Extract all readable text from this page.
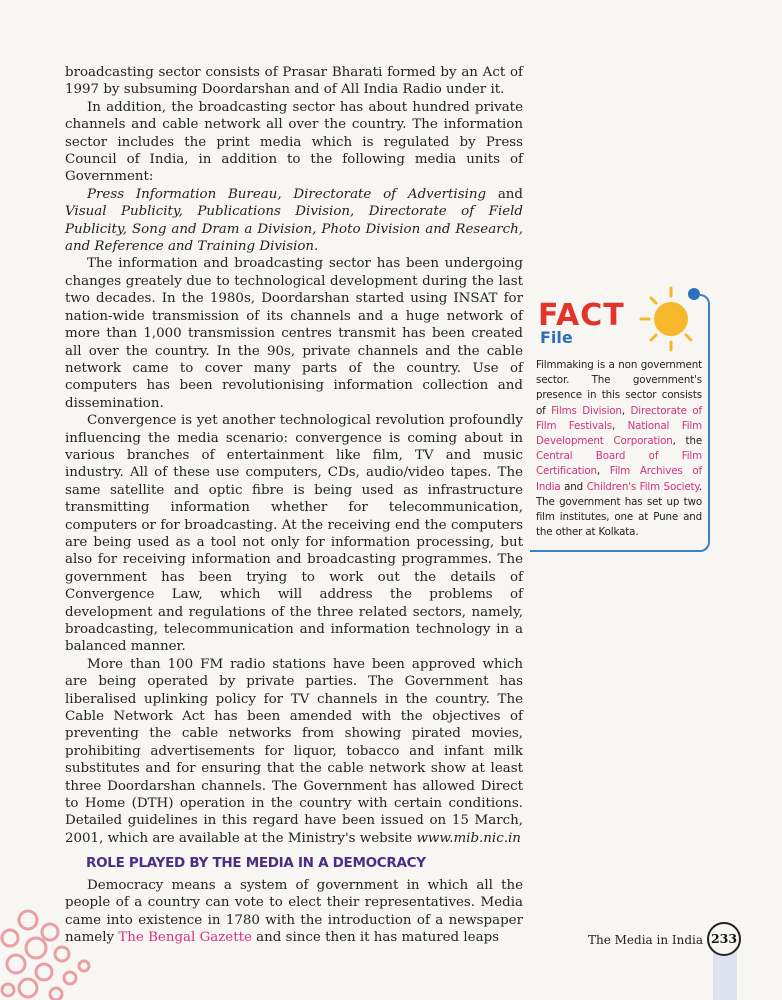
broadcasting sector consists of Prasar Bharati formed by an Act of 1997 by subsuming Doordarshan and of All India Radio under it.

In addition, the broadcasting sector has about hundred private channels and cable network all over the country. The information sector includes the print media which is regulated by Press Council of India, in addition to the following media units of Government:

Press Information Bureau, Directorate of Advertising and Visual Publicity, Publications Division, Directorate of Field Publicity, Song and Dram a Division, Photo Division and Research, and Reference and Training Division.

The information and broadcasting sector has been undergoing changes greately due to technological development during the last two decades. In the 1980s, Doordarshan started using INSAT for nation-wide transmission of its channels and a huge network of more than 1,000 transmission centres transmit has been created all over the country. In the 90s, private channels and the cable network came to cover many parts of the country. Use of computers has been revolutionising information collection and dissemination.

Convergence is yet another technological revolution profoundly influencing the media scenario: convergence is coming about in various branches of entertainment like film, TV and music industry. All of these use computers, CDs, audio/video tapes. The same satellite and optic fibre is being used as infrastructure transmitting information whether for telecommunication, computers or for broadcasting. At the receiving end the computers are being used as a tool not only for information processing, but also for receiving information and broadcasting programmes. The government has been trying to work out the details of Convergence Law, which will address the problems of development and regulations of the three related sectors, namely, broadcasting, telecommunication and information technology in a balanced manner.

More than 100 FM radio stations have been approved which are being operated by private parties. The Government has liberalised uplinking policy for TV channels in the country. The Cable Network Act has been amended with the objectives of preventing the cable networks from showing pirated movies, prohibiting advertisements for liquor, tobacco and infant milk substitutes and for ensuring that the cable network show at least three Doordarshan channels. The Government has allowed Direct to Home (DTH) operation in the country with certain conditions. Detailed guidelines in this regard have been issued on 15 March, 2001, which are available at the Ministry's website www.mib.nic.in

ROLE PLAYED BY THE MEDIA IN A DEMOCRACY

Democracy means a system of government in which all the people of a country can vote to elect their representatives. Media came into existence in 1780 with the introduction of a newspaper namely The Bengal Gazette and since then it has matured leaps

FACT
File
Filmmaking is a non government sector. The government's presence in this sector consists of Films Division, Directorate of Film Festivals, National Film Development Corporation, the Central Board of Film Certification, Film Archives of India and Children's Film Society. The government has set up two film institutes, one at Pune and the other at Kolkata.
The Media in India 233
